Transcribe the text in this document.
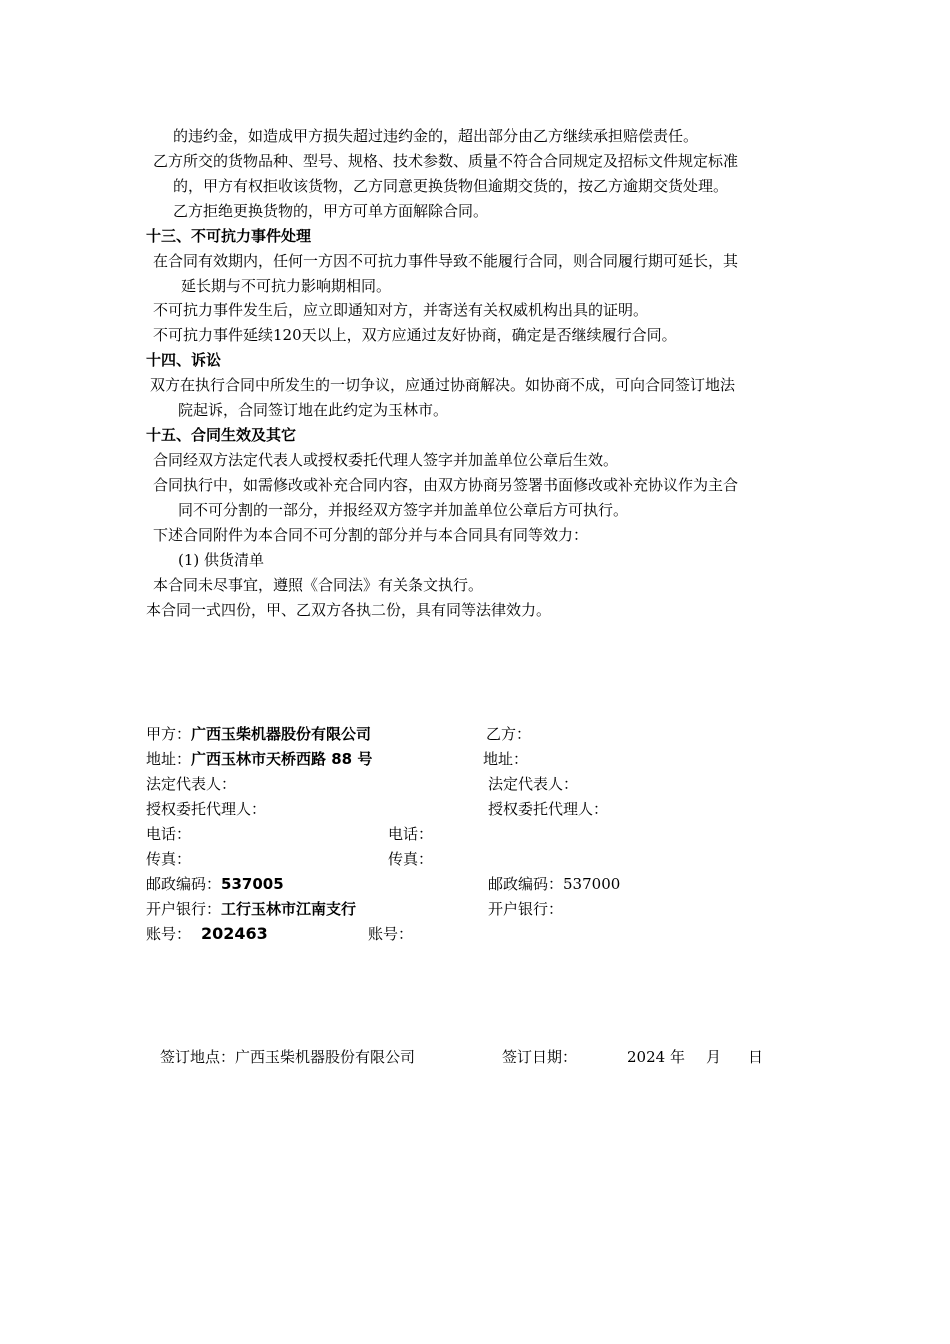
的违约金，如造成甲方损失超过违约金的，超出部分由乙方继续承担赔偿责任。
乙方所交的货物品种、型号、规格、技术参数、质量不符合合同规定及招标文件规定标准
的，甲方有权拒收该货物，乙方同意更换货物但逾期交货的，按乙方逾期交货处理。
乙方拒绝更换货物的，甲方可单方面解除合同。
十三、不可抗力事件处理
在合同有效期内，任何一方因不可抗力事件导致不能履行合同，则合同履行期可延长，其
延长期与不可抗力影响期相同。
不可抗力事件发生后，应立即通知对方，并寄送有关权威机构出具的证明。
不可抗力事件延续120天以上，双方应通过友好协商，确定是否继续履行合同。
十四、诉讼
双方在执行合同中所发生的一切争议，应通过协商解决。如协商不成，可向合同签订地法
院起诉，合同签订地在此约定为玉林市。
十五、合同生效及其它
合同经双方法定代表人或授权委托代理人签字并加盖单位公章后生效。
合同执行中，如需修改或补充合同内容，由双方协商另签署书面修改或补充协议作为主合
同不可分割的一部分，并报经双方签字并加盖单位公章后方可执行。
下述合同附件为本合同不可分割的部分并与本合同具有同等效力：
(1) 供货清单
本合同未尽事宜，遵照《合同法》有关条文执行。
本合同一式四份，甲、乙双方各执二份，具有同等法律效力。
甲方：广西玉柴机器股份有限公司
地址：广西玉林市天桥西路 88 号
法定代表人：
授权委托代理人：
电话：
传真：
邮政编码：537005
开户银行：工行玉林市江南支行
账号： 202463
乙方：
地址：
法定代表人：
授权委托代理人：
电话：
传真：
邮政编码：537000
开户银行：
账号：
签订地点：广西玉柴机器股份有限公司	签订日期：	2024 年 月 日
